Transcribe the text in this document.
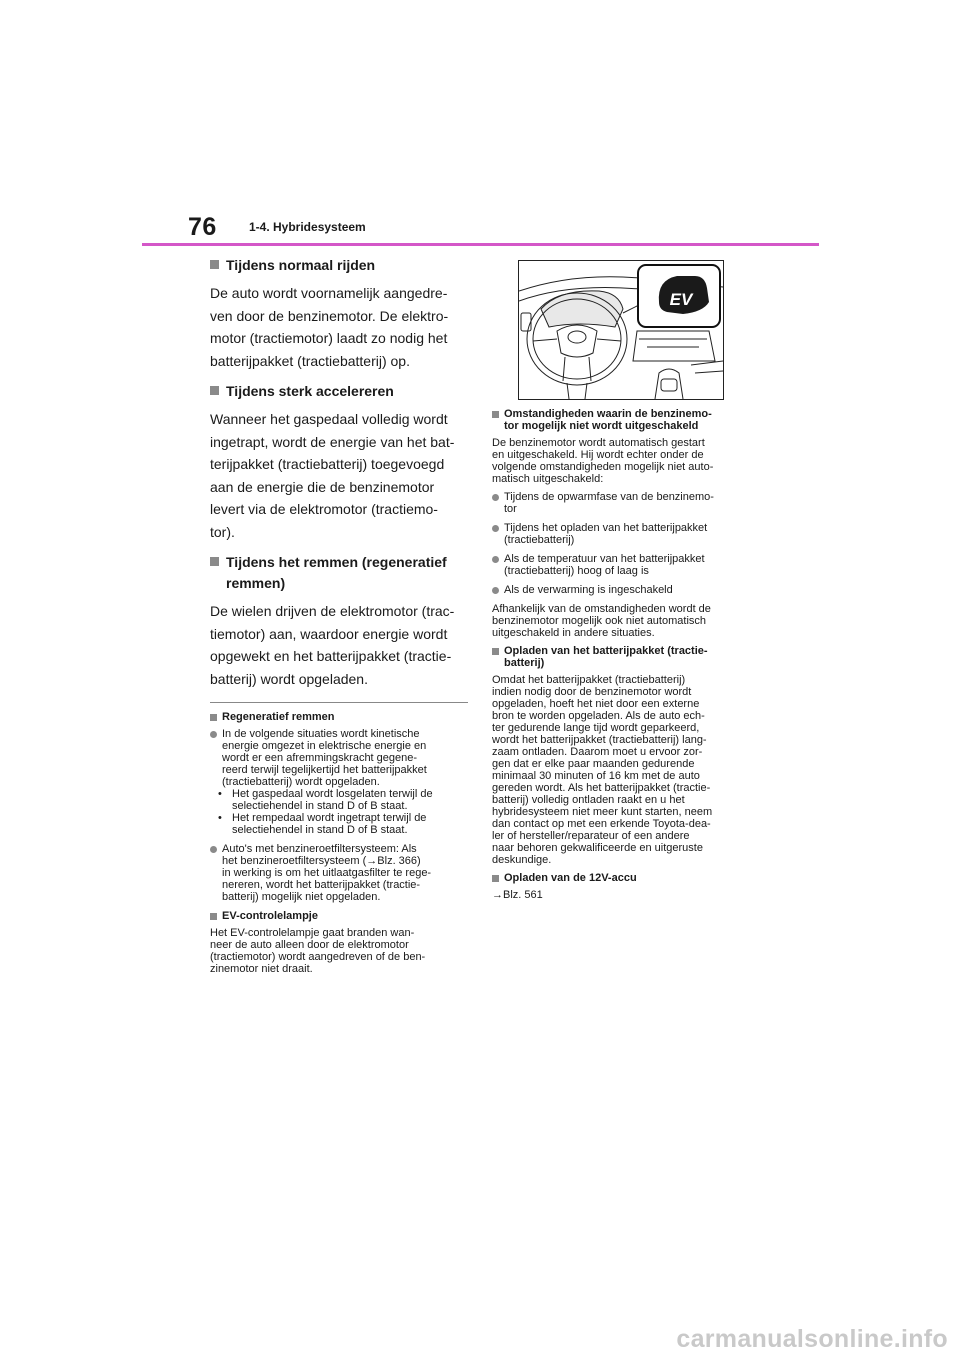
76	1-4. Hybridesysteem
Tijdens normaal rijden
De auto wordt voornamelijk aangedre-
ven door de benzinemotor. De elektro-
motor (tractiemotor) laadt zo nodig het
batterijpakket (tractiebatterij) op.
Tijdens sterk accelereren
Wanneer het gaspedaal volledig wordt
ingetrapt, wordt de energie van het bat-
terijpakket (tractiebatterij) toegevoegd
aan de energie die de benzinemotor
levert via de elektromotor (tractiemo-
tor).
Tijdens het remmen (regeneratief
remmen)
De wielen drijven de elektromotor (trac-
tiemotor) aan, waardoor energie wordt
opgewekt en het batterijpakket (tractie-
batterij) wordt opgeladen.
Regeneratief remmen
In de volgende situaties wordt kinetische
energie omgezet in elektrische energie en
wordt er een afremmingskracht gegene-
reerd terwijl tegelijkertijd het batterijpakket
(tractiebatterij) wordt opgeladen.
• Het gaspedaal wordt losgelaten terwijl de
selectiehendel in stand D of B staat.
• Het rempedaal wordt ingetrapt terwijl de
selectiehendel in stand D of B staat.
Auto's met benzineroetfiltersysteem: Als
het benzineroetfiltersysteem (→Blz. 366)
in werking is om het uitlaatgasfilter te rege-
nereren, wordt het batterijpakket (tractie-
batterij) mogelijk niet opgeladen.
EV-controlelampje
Het EV-controlelampje gaat branden wan-
neer de auto alleen door de elektromotor
(tractiemotor) wordt aangedreven of de ben-
zinemotor niet draait.
EV
Omstandigheden waarin de benzinemo-
tor mogelijk niet wordt uitgeschakeld
De benzinemotor wordt automatisch gestart
en uitgeschakeld. Hij wordt echter onder de
volgende omstandigheden mogelijk niet auto-
matisch uitgeschakeld:
Tijdens de opwarmfase van de benzinemo-
tor
Tijdens het opladen van het batterijpakket
(tractiebatterij)
Als de temperatuur van het batterijpakket
(tractiebatterij) hoog of laag is
Als de verwarming is ingeschakeld
Afhankelijk van de omstandigheden wordt de
benzinemotor mogelijk ook niet automatisch
uitgeschakeld in andere situaties.
Opladen van het batterijpakket (tractie-
batterij)
Omdat het batterijpakket (tractiebatterij)
indien nodig door de benzinemotor wordt
opgeladen, hoeft het niet door een externe
bron te worden opgeladen. Als de auto ech-
ter gedurende lange tijd wordt geparkeerd,
wordt het batterijpakket (tractiebatterij) lang-
zaam ontladen. Daarom moet u ervoor zor-
gen dat er elke paar maanden gedurende
minimaal 30 minuten of 16 km met de auto
gereden wordt. Als het batterijpakket (tractie-
batterij) volledig ontladen raakt en u het
hybridesysteem niet meer kunt starten, neem
dan contact op met een erkende Toyota-dea-
ler of hersteller/reparateur of een andere
naar behoren gekwalificeerde en uitgeruste
deskundige.
Opladen van de 12V-accu
→Blz. 561
carmanualsonline.info
